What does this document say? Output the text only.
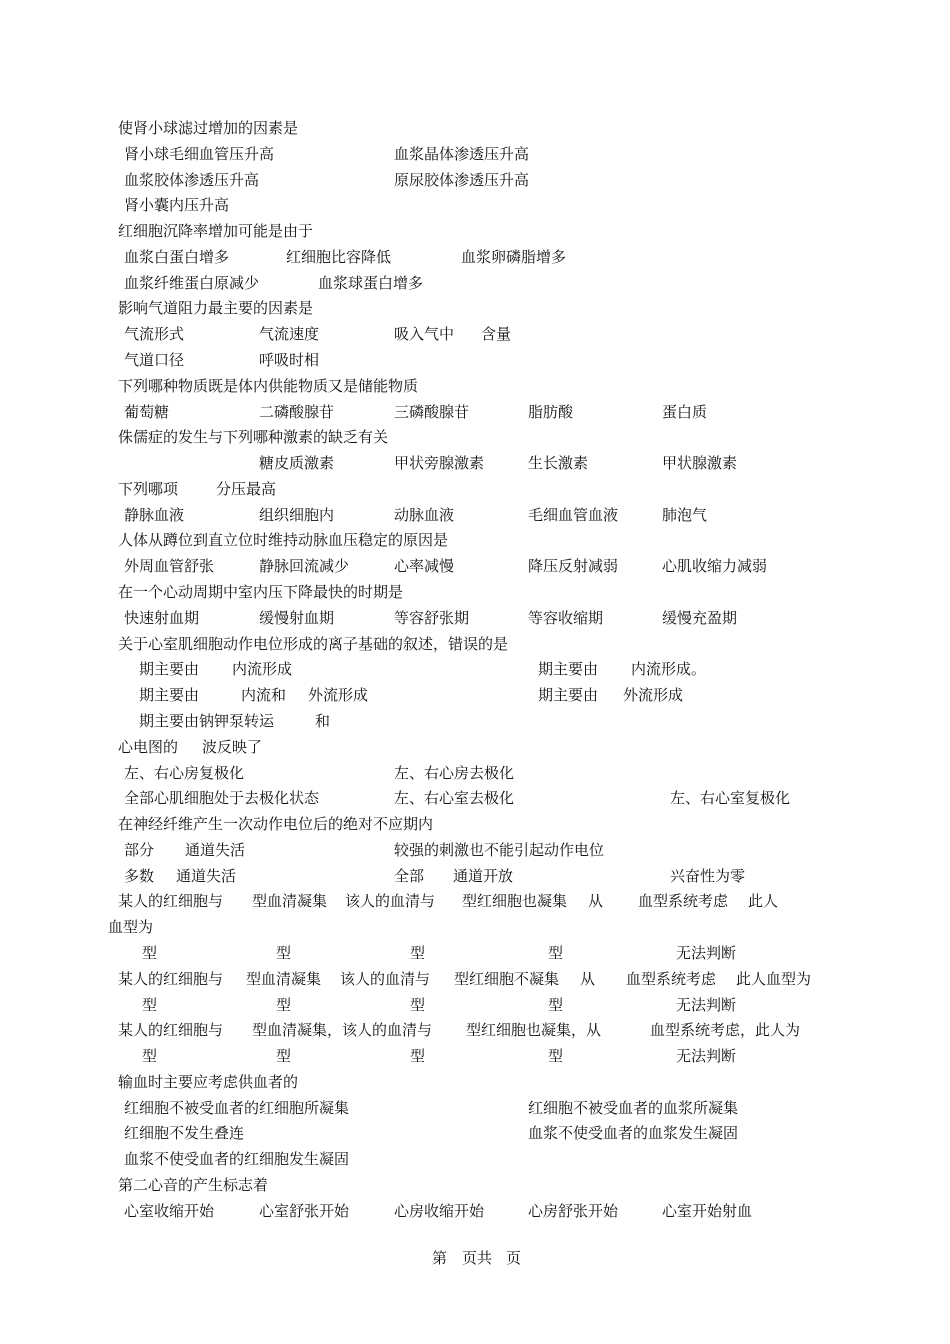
使肾小球滤过增加的因素是
肾小球毛细血管压升高	血浆晶体渗透压升高
血浆胶体渗透压升高	原尿胶体渗透压升高
肾小囊内压升高
红细胞沉降率增加可能是由于
血浆白蛋白增多	红细胞比容降低	血浆卵磷脂增多
血浆纤维蛋白原减少	血浆球蛋白增多
影响气道阻力最主要的因素是
气流形式	气流速度	吸入气中 含量
气道口径	呼吸时相
下列哪种物质既是体内供能物质又是储能物质
葡萄糖	二磷酸腺苷	三磷酸腺苷	脂肪酸	蛋白质
侏儒症的发生与下列哪种激素的缺乏有关
糖皮质激素	甲状旁腺激素	生长激素	甲状腺激素
下列哪项	分压最高
静脉血液	组织细胞内	动脉血液	毛细血管血液	肺泡气
人体从蹲位到直立位时维持动脉血压稳定的原因是
外周血管舒张	静脉回流减少	心率减慢	降压反射减弱	心肌收缩力减弱
在一个心动周期中室内压下降最快的时期是
快速射血期	缓慢射血期	等容舒张期	等容收缩期	缓慢充盈期
关于心室肌细胞动作电位形成的离子基础的叙述，错误的是
期主要由 内流形成	期主要由 内流形成。
期主要由	内流和 外流形成	期主要由 外流形成
期主要由钠钾泵转运	和
心电图的 波反映了
左、右心房复极化	左、右心房去极化
全部心肌细胞处于去极化状态	左、右心室去极化	左、右心室复极化
在神经纤维产生一次动作电位后的绝对不应期内
部分 通道失活	较强的刺激也不能引起动作电位
多数 通道失活	全部 通道开放	兴奋性为零
某人的红细胞与 型血清凝集 该人的血清与 型红细胞也凝集 从 血型系统考虑 此人
血型为
型	型	型	型	无法判断
某人的红细胞与 型血清凝集 该人的血清与 型红细胞不凝集 从 血型系统考虑 此人血型为
型	型	型	型	无法判断
某人的红细胞与 型血清凝集，该人的血清与 型红细胞也凝集，从	血型系统考虑，此人为
型	型	型	型	无法判断
输血时主要应考虑供血者的
红细胞不被受血者的红细胞所凝集	红细胞不被受血者的血浆所凝集
红细胞不发生叠连	血浆不使受血者的血浆发生凝固
血浆不使受血者的红细胞发生凝固
第二心音的产生标志着
心室收缩开始	心室舒张开始	心房收缩开始	心房舒张开始	心室开始射血
第 页共 页
